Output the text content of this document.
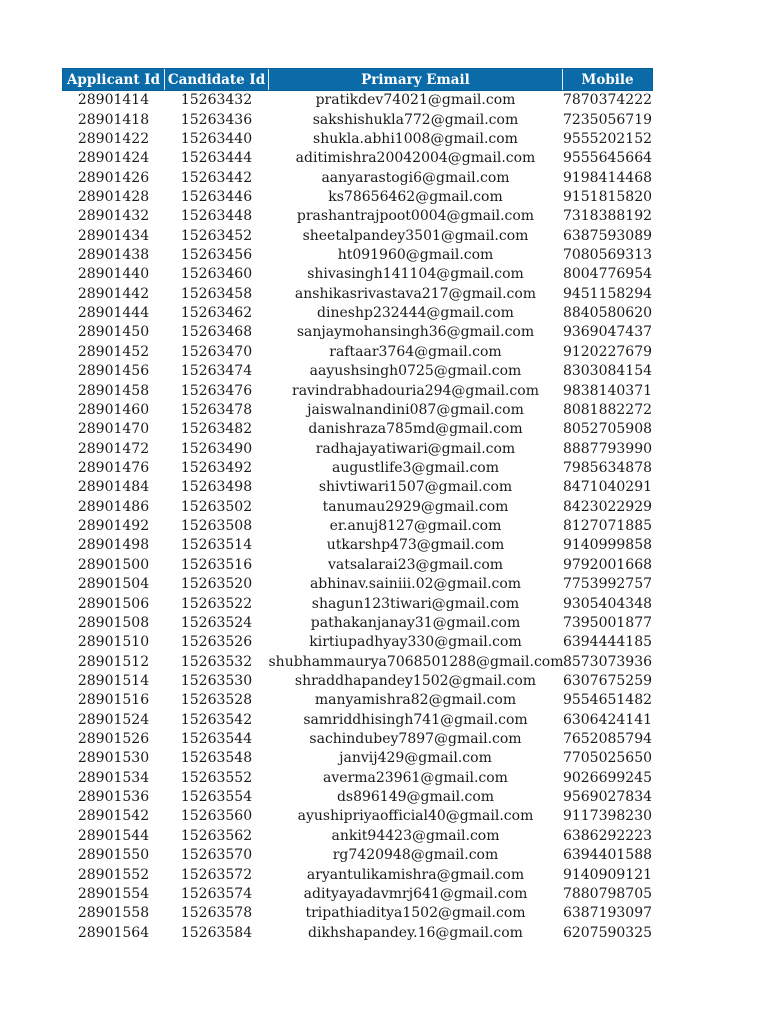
Applicant Id	Candidate Id	Primary Email	Mobile
28901414	15263432	pratikdev74021@gmail.com	7870374222
28901418	15263436	sakshishukla772@gmail.com	7235056719
28901422	15263440	shukla.abhi1008@gmail.com	9555202152
28901424	15263444	aditimishra20042004@gmail.com	9555645664
28901426	15263442	aanyarastogi6@gmail.com	9198414468
28901428	15263446	ks78656462@gmail.com	9151815820
28901432	15263448	prashantrajpoot0004@gmail.com	7318388192
28901434	15263452	sheetalpandey3501@gmail.com	6387593089
28901438	15263456	ht091960@gmail.com	7080569313
28901440	15263460	shivasingh141104@gmail.com	8004776954
28901442	15263458	anshikasrivastava217@gmail.com	9451158294
28901444	15263462	dineshp232444@gmail.com	8840580620
28901450	15263468	sanjaymohansingh36@gmail.com	9369047437
28901452	15263470	raftaar3764@gmail.com	9120227679
28901456	15263474	aayushsingh0725@gmail.com	8303084154
28901458	15263476	ravindrabhadouria294@gmail.com	9838140371
28901460	15263478	jaiswalnandini087@gmail.com	8081882272
28901470	15263482	danishraza785md@gmail.com	8052705908
28901472	15263490	radhajayatiwari@gmail.com	8887793990
28901476	15263492	augustlife3@gmail.com	7985634878
28901484	15263498	shivtiwari1507@gmail.com	8471040291
28901486	15263502	tanumau2929@gmail.com	8423022929
28901492	15263508	er.anuj8127@gmail.com	8127071885
28901498	15263514	utkarshp473@gmail.com	9140999858
28901500	15263516	vatsalarai23@gmail.com	9792001668
28901504	15263520	abhinav.sainiii.02@gmail.com	7753992757
28901506	15263522	shagun123tiwari@gmail.com	9305404348
28901508	15263524	pathakanjanay31@gmail.com	7395001877
28901510	15263526	kirtiupadhyay330@gmail.com	6394444185
28901512	15263532	shubhammaurya7068501288@gmail.com	8573073936
28901514	15263530	shraddhapandey1502@gmail.com	6307675259
28901516	15263528	manyamishra82@gmail.com	9554651482
28901524	15263542	samriddhisingh741@gmail.com	6306424141
28901526	15263544	sachindubey7897@gmail.com	7652085794
28901530	15263548	janvij429@gmail.com	7705025650
28901534	15263552	averma23961@gmail.com	9026699245
28901536	15263554	ds896149@gmail.com	9569027834
28901542	15263560	ayushipriyaofficial40@gmail.com	9117398230
28901544	15263562	ankit94423@gmail.com	6386292223
28901550	15263570	rg7420948@gmail.com	6394401588
28901552	15263572	aryantulikamishra@gmail.com	9140909121
28901554	15263574	adityayadavmrj641@gmail.com	7880798705
28901558	15263578	tripathiaditya1502@gmail.com	6387193097
28901564	15263584	dikhshapandey.16@gmail.com	6207590325
